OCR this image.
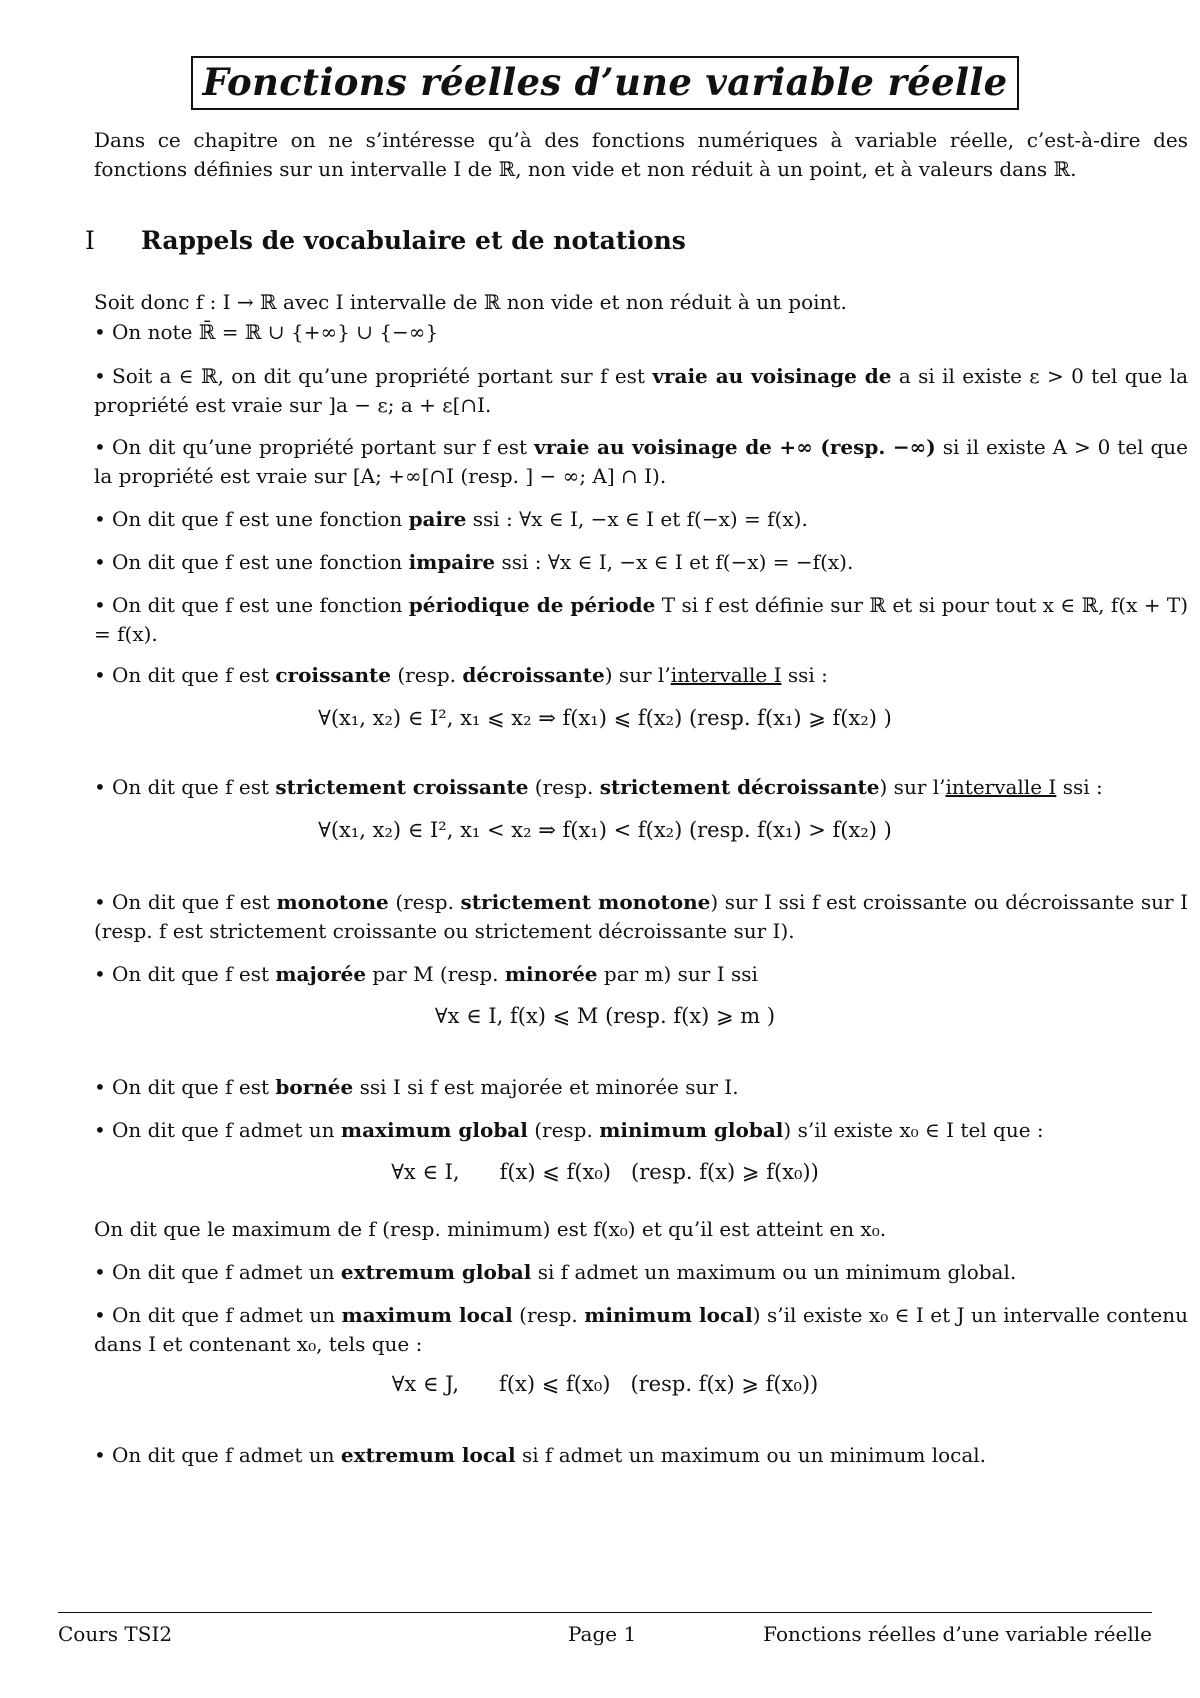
Fonctions réelles d’une variable réelle
Dans ce chapitre on ne s’intéresse qu’à des fonctions numériques à variable réelle, c’est-à-dire des fonctions définies sur un intervalle I de ℝ, non vide et non réduit à un point, et à valeurs dans ℝ.
I Rappels de vocabulaire et de notations
Soit donc f : I → ℝ avec I intervalle de ℝ non vide et non réduit à un point.
• On note ℝ̄ = ℝ ∪ {+∞} ∪ {−∞}
• Soit a ∈ ℝ, on dit qu’une propriété portant sur f est vraie au voisinage de a si il existe ε > 0 tel que la propriété est vraie sur ]a − ε; a + ε[∩I.
• On dit qu’une propriété portant sur f est vraie au voisinage de +∞ (resp. −∞) si il existe A > 0 tel que la propriété est vraie sur [A; +∞[∩I (resp. ] − ∞; A] ∩ I).
• On dit que f est une fonction paire ssi : ∀x ∈ I, −x ∈ I et f(−x) = f(x).
• On dit que f est une fonction impaire ssi : ∀x ∈ I, −x ∈ I et f(−x) = −f(x).
• On dit que f est une fonction périodique de période T si f est définie sur ℝ et si pour tout x ∈ ℝ, f(x + T) = f(x).
• On dit que f est croissante (resp. décroissante) sur l’intervalle I ssi :
∀(x₁, x₂) ∈ I², x₁ ⩽ x₂ ⇒ f(x₁) ⩽ f(x₂) (resp. f(x₁) ⩾ f(x₂) )
• On dit que f est strictement croissante (resp. strictement décroissante) sur l’intervalle I ssi :
∀(x₁, x₂) ∈ I², x₁ < x₂ ⇒ f(x₁) < f(x₂) (resp. f(x₁) > f(x₂) )
• On dit que f est monotone (resp. strictement monotone) sur I ssi f est croissante ou décroissante sur I (resp. f est strictement croissante ou strictement décroissante sur I).
• On dit que f est majorée par M (resp. minorée par m) sur I ssi
∀x ∈ I, f(x) ⩽ M (resp. f(x) ⩾ m )
• On dit que f est bornée ssi I si f est majorée et minorée sur I.
• On dit que f admet un maximum global (resp. minimum global) s’il existe x₀ ∈ I tel que :
∀x ∈ I,      f(x) ⩽ f(x₀)   (resp. f(x) ⩾ f(x₀))
On dit que le maximum de f (resp. minimum) est f(x₀) et qu’il est atteint en x₀.
• On dit que f admet un extremum global si f admet un maximum ou un minimum global.
• On dit que f admet un maximum local (resp. minimum local) s’il existe x₀ ∈ I et J un intervalle contenu dans I et contenant x₀, tels que :
∀x ∈ J,      f(x) ⩽ f(x₀)   (resp. f(x) ⩾ f(x₀))
• On dit que f admet un extremum local si f admet un maximum ou un minimum local.
Cours TSI2	Page 1	Fonctions réelles d’une variable réelle
